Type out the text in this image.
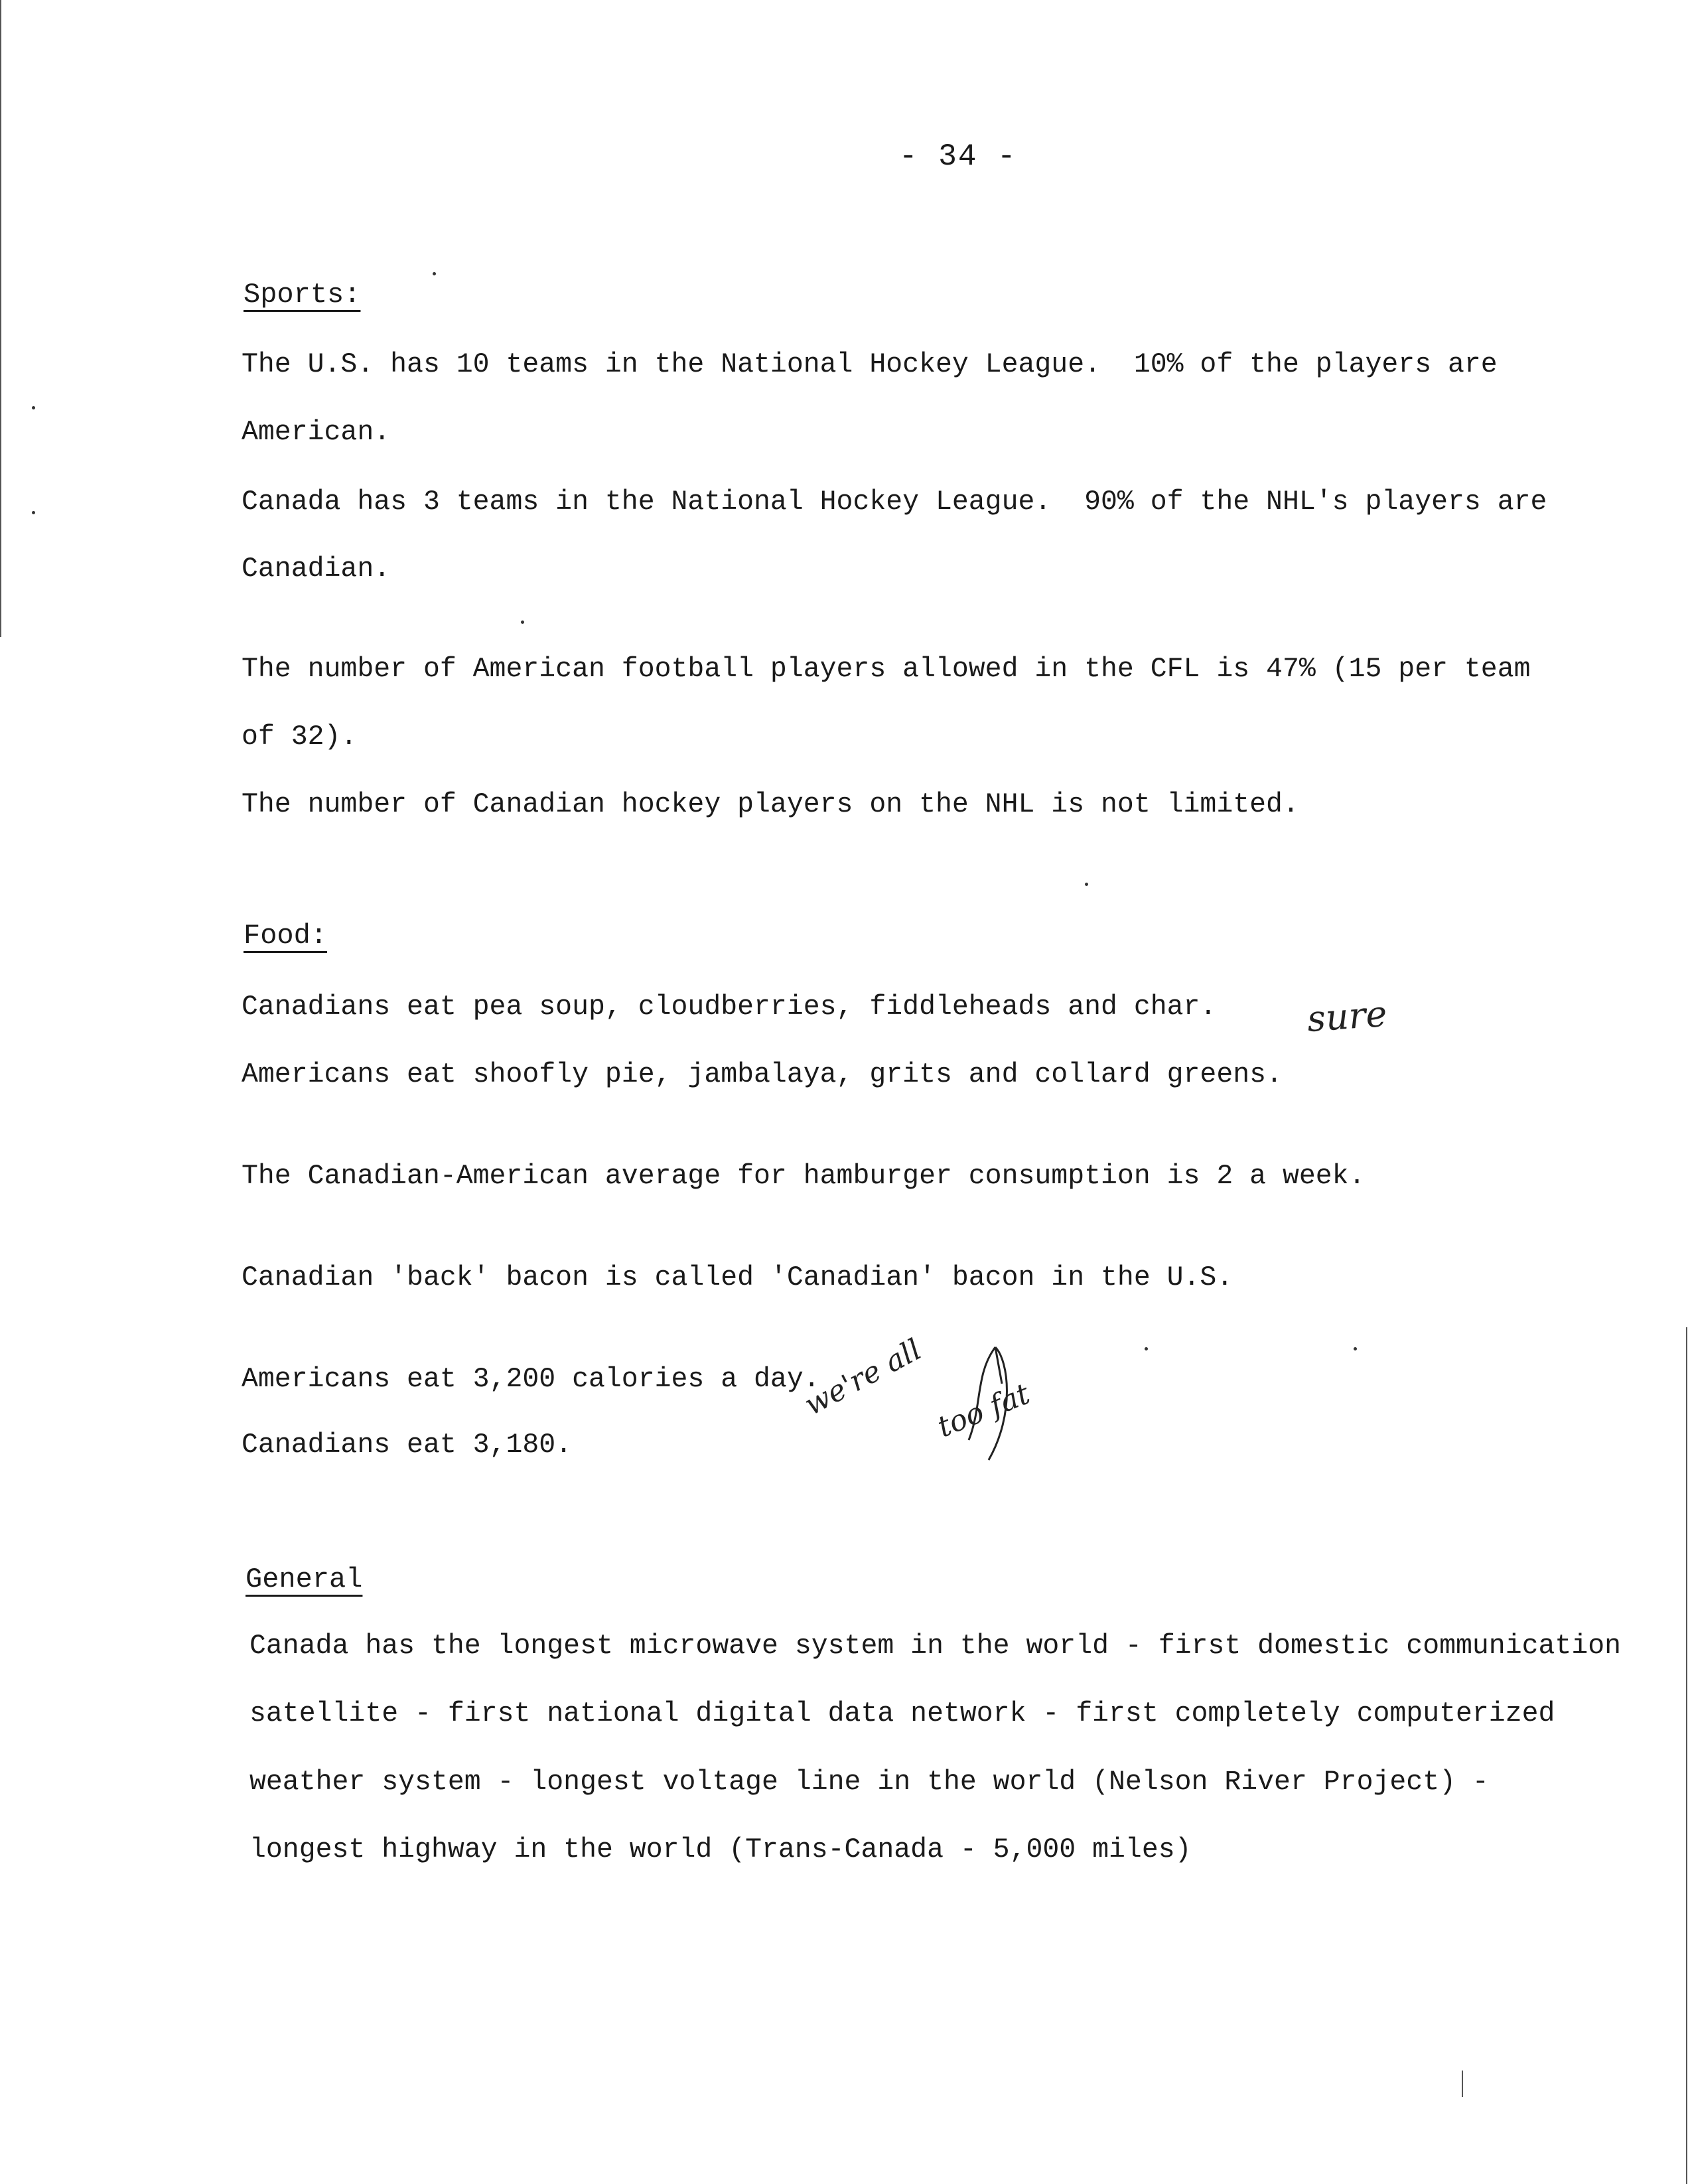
- 34 -
Sports:
The U.S. has 10 teams in the National Hockey League.  10% of the players are
American.
Canada has 3 teams in the National Hockey League.  90% of the NHL's players are
Canadian.
The number of American football players allowed in the CFL is 47% (15 per team
of 32).
The number of Canadian hockey players on the NHL is not limited.
Food:
Canadians eat pea soup, cloudberries, fiddleheads and char.
Americans eat shoofly pie, jambalaya, grits and collard greens.
The Canadian-American average for hamburger consumption is 2 a week.
Canadian 'back' bacon is called 'Canadian' bacon in the U.S.
Americans eat 3,200 calories a day.
Canadians eat 3,180.
General
Canada has the longest microwave system in the world - first domestic communication
satellite - first national digital data network - first completely computerized
weather system - longest voltage line in the world (Nelson River Project) -
longest highway in the world (Trans-Canada - 5,000 miles)
sure
we're all too fat
